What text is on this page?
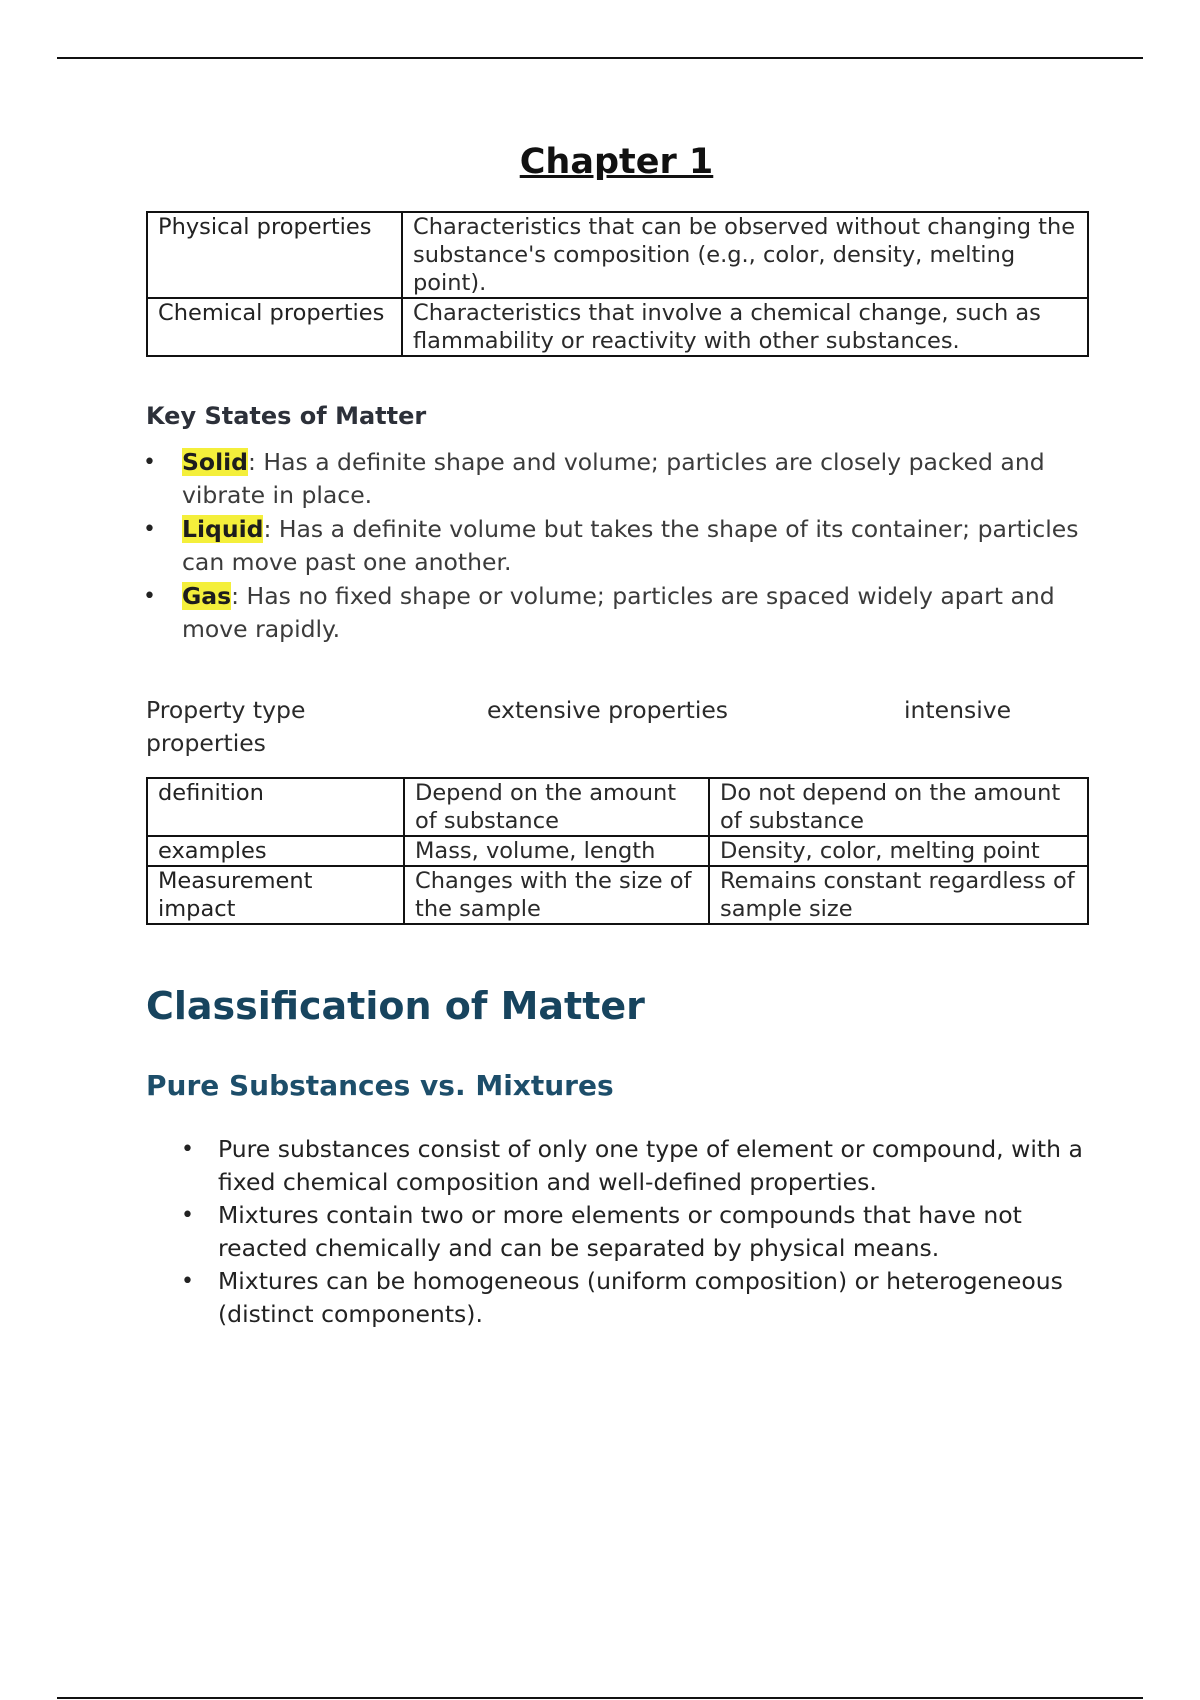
Chapter 1
Physical properties	Characteristics that can be observed without changing the substance's composition (e.g., color, density, melting point).
Chemical properties	Characteristics that involve a chemical change, such as flammability or reactivity with other substances.
Key States of Matter
• Solid: Has a definite shape and volume; particles are closely packed and vibrate in place.
• Liquid: Has a definite volume but takes the shape of its container; particles can move past one another.
• Gas: Has no fixed shape or volume; particles are spaced widely apart and move rapidly.
Property type	extensive properties	intensive
properties
definition	Depend on the amount of substance	Do not depend on the amount of substance
examples	Mass, volume, length	Density, color, melting point
Measurement impact	Changes with the size of the sample	Remains constant regardless of sample size
Classification of Matter
Pure Substances vs. Mixtures
• Pure substances consist of only one type of element or compound, with a fixed chemical composition and well-defined properties.
• Mixtures contain two or more elements or compounds that have not reacted chemically and can be separated by physical means.
• Mixtures can be homogeneous (uniform composition) or heterogeneous (distinct components).
